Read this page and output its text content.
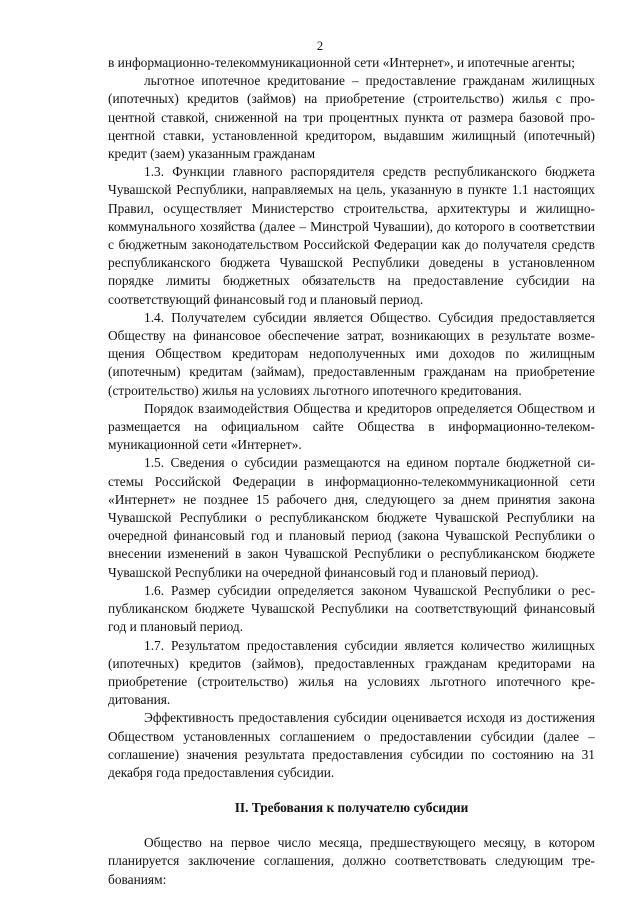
2

в информационно-телекоммуникационной сети «Интернет», и ипотечные агенты;

льготное ипотечное кредитование – предоставление гражданам жилищных (ипотечных) кредитов (займов) на приобретение (строительство) жилья с процентной ставкой, сниженной на три процентных пункта от размера базовой процентной ставки, установленной кредитором, выдавшим жилищный (ипотечный) кредит (заем) указанным гражданам

1.3. Функции главного распорядителя средств республиканского бюджета Чувашской Республики, направляемых на цель, указанную в пункте 1.1 настоящих Правил, осуществляет Министерство строительства, архитектуры и жилищно-коммунального хозяйства (далее – Минстрой Чувашии), до которого в соответствии с бюджетным законодательством Российской Федерации как до получателя средств республиканского бюджета Чувашской Республики доведены в установленном порядке лимиты бюджетных обязательств на предоставление субсидии на соответствующий финансовый год и плановый период.

1.4. Получателем субсидии является Общество. Субсидия предоставляется Обществу на финансовое обеспечение затрат, возникающих в результате возмещения Обществом кредиторам недополученных ими доходов по жилищным (ипотечным) кредитам (займам), предоставленным гражданам на приобретение (строительство) жилья на условиях льготного ипотечного кредитования.

Порядок взаимодействия Общества и кредиторов определяется Обществом и размещается на официальном сайте Общества в информационно-телекоммуникационной сети «Интернет».

1.5. Сведения о субсидии размещаются на едином портале бюджетной системы Российской Федерации в информационно-телекоммуникационной сети «Интернет» не позднее 15 рабочего дня, следующего за днем принятия закона Чувашской Республики о республиканском бюджете Чувашской Республики на очередной финансовый год и плановый период (закона Чувашской Республики о внесении изменений в закон Чувашской Республики о республиканском бюджете Чувашской Республики на очередной финансовый год и плановый период).

1.6. Размер субсидии определяется законом Чувашской Республики о республиканском бюджете Чувашской Республики на соответствующий финансовый год и плановый период.

1.7. Результатом предоставления субсидии является количество жилищных (ипотечных) кредитов (займов), предоставленных гражданам кредиторами на приобретение (строительство) жилья на условиях льготного ипотечного кредитования.

Эффективность предоставления субсидии оценивается исходя из достижения Обществом установленных соглашением о предоставлении субсидии (далее – соглашение) значения результата предоставления субсидии по состоянию на 31 декабря года предоставления субсидии.

II. Требования к получателю субсидии

Общество на первое число месяца, предшествующего месяцу, в котором планируется заключение соглашения, должно соответствовать следующим требованиям:
